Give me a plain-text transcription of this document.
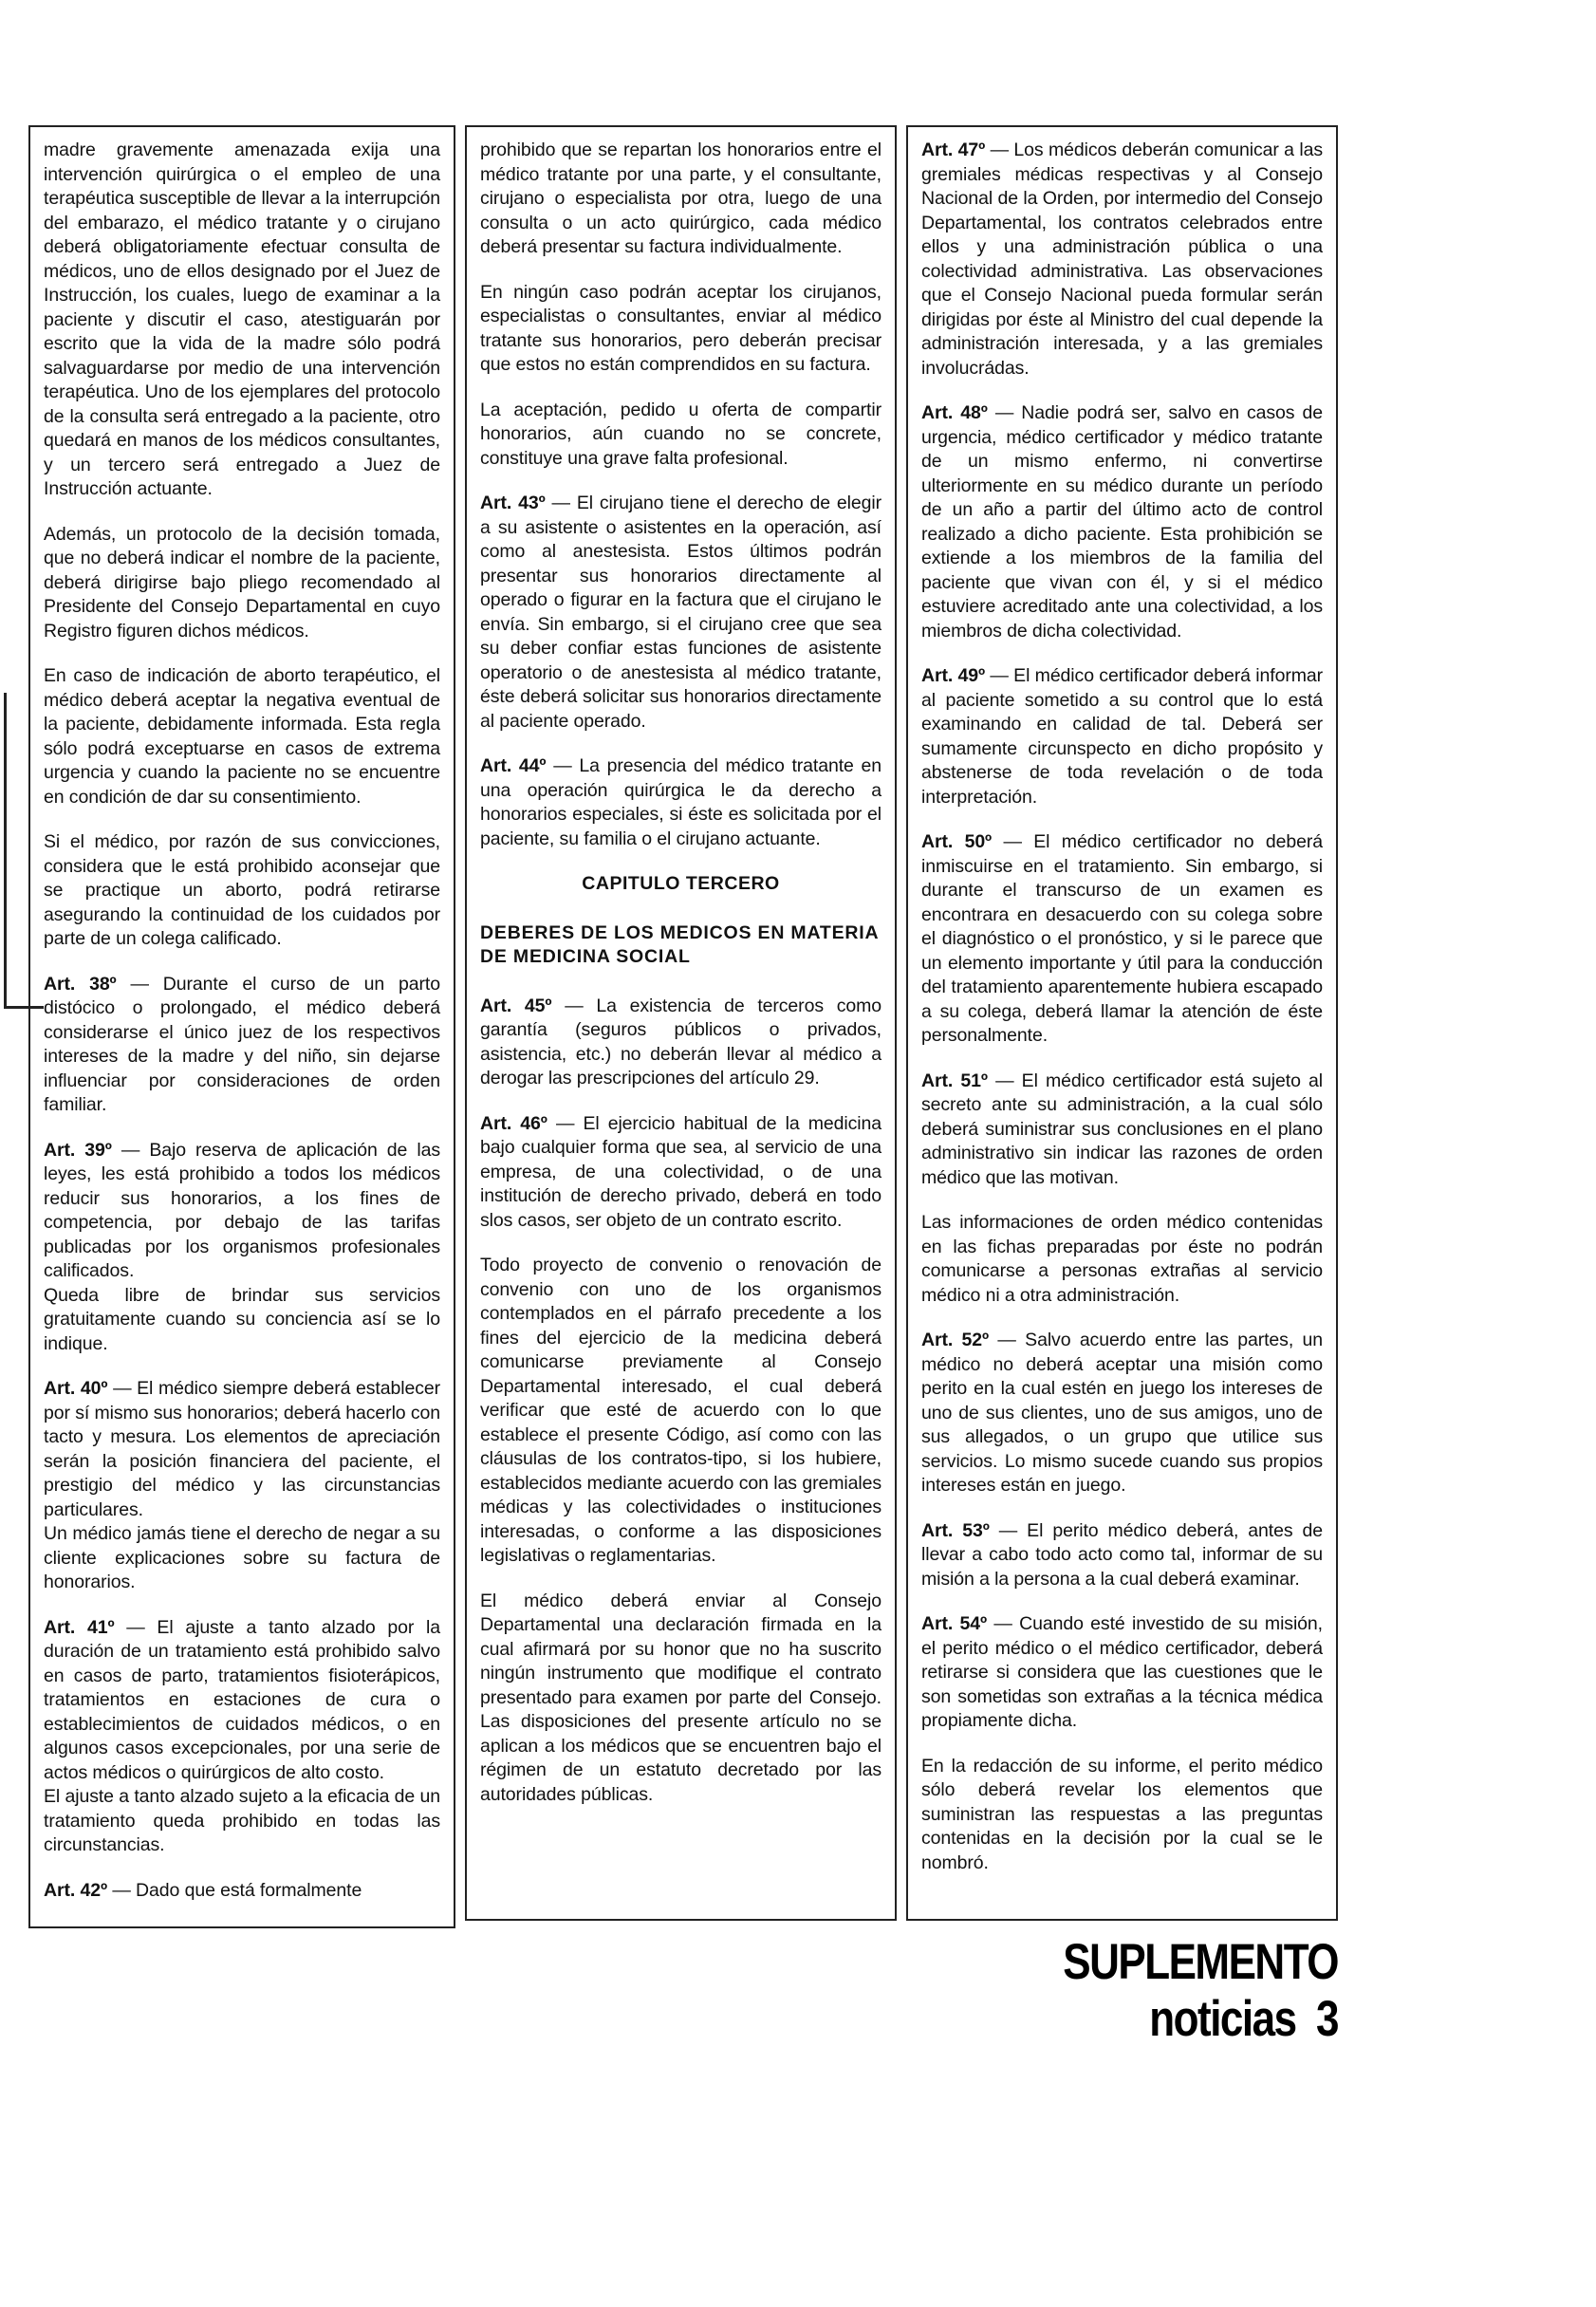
madre gravemente amenazada exija una intervención quirúrgica o el empleo de una terapéutica susceptible de llevar a la interrupción del embarazo, el médico tratante y o cirujano deberá obligatoriamente efectuar consulta de médicos, uno de ellos designado por el Juez de Instrucción, los cuales, luego de examinar a la paciente y discutir el caso, atestiguarán por escrito que la vida de la madre sólo podrá salvaguardarse por medio de una intervención terapéutica. Uno de los ejemplares del protocolo de la consulta será entregado a la paciente, otro quedará en manos de los médicos consultantes, y un tercero será entregado a Juez de Instrucción actuante.

Además, un protocolo de la decisión tomada, que no deberá indicar el nombre de la paciente, deberá dirigirse bajo pliego recomendado al Presidente del Consejo Departamental en cuyo Registro figuren dichos médicos.

En caso de indicación de aborto terapéutico, el médico deberá aceptar la negativa eventual de la paciente, debidamente informada. Esta regla sólo podrá exceptuarse en casos de extrema urgencia y cuando la paciente no se encuentre en condición de dar su consentimiento.

Si el médico, por razón de sus convicciones, considera que le está prohibido aconsejar que se practique un aborto, podrá retirarse asegurando la continuidad de los cuidados por parte de un colega calificado.

Art. 38º — Durante el curso de un parto distócico o prolongado, el médico deberá considerarse el único juez de los respectivos intereses de la madre y del niño, sin dejarse influenciar por consideraciones de orden familiar.

Art. 39º — Bajo reserva de aplicación de las leyes, les está prohibido a todos los médicos reducir sus honorarios, a los fines de competencia, por debajo de las tarifas publicadas por los organismos profesionales calificados.

Queda libre de brindar sus servicios gratuitamente cuando su conciencia así se lo indique.

Art. 40º — El médico siempre deberá establecer por sí mismo sus honorarios; deberá hacerlo con tacto y mesura. Los elementos de apreciación serán la posición financiera del paciente, el prestigio del médico y las circunstancias particulares.

Un médico jamás tiene el derecho de negar a su cliente explicaciones sobre su factura de honorarios.

Art. 41º — El ajuste a tanto alzado por la duración de un tratamiento está prohibido salvo en casos de parto, tratamientos fisioterápicos, tratamientos en estaciones de cura o establecimientos de cuidados médicos, o en algunos casos excepcionales, por una serie de actos médicos o quirúrgicos de alto costo.

El ajuste a tanto alzado sujeto a la eficacia de un tratamiento queda prohibido en todas las circunstancias.

Art. 42º — Dado que está formalmente

prohibido que se repartan los honorarios entre el médico tratante por una parte, y el consultante, cirujano o especialista por otra, luego de una consulta o un acto quirúrgico, cada médico deberá presentar su factura individualmente.

En ningún caso podrán aceptar los cirujanos, especialistas o consultantes, enviar al médico tratante sus honorarios, pero deberán precisar que estos no están comprendidos en su factura.

La aceptación, pedido u oferta de compartir honorarios, aún cuando no se concrete, constituye una grave falta profesional.

Art. 43º — El cirujano tiene el derecho de elegir a su asistente o asistentes en la operación, así como al anestesista. Estos últimos podrán presentar sus honorarios directamente al operado o figurar en la factura que el cirujano le envía. Sin embargo, si el cirujano cree que sea su deber confiar estas funciones de asistente operatorio o de anestesista al médico tratante, éste deberá solicitar sus honorarios directamente al paciente operado.

Art. 44º — La presencia del médico tratante en una operación quirúrgica le da derecho a honorarios especiales, si éste es solicitada por el paciente, su familia o el cirujano actuante.

CAPITULO TERCERO
DEBERES DE LOS MEDICOS EN MATERIA DE MEDICINA SOCIAL

Art. 45º — La existencia de terceros como garantía (seguros públicos o privados, asistencia, etc.) no deberán llevar al médico a derogar las prescripciones del artículo 29.

Art. 46º — El ejercicio habitual de la medicina bajo cualquier forma que sea, al servicio de una empresa, de una colectividad, o de una institución de derecho privado, deberá en todo slos casos, ser objeto de un contrato escrito.

Todo proyecto de convenio o renovación de convenio con uno de los organismos contemplados en el párrafo precedente a los fines del ejercicio de la medicina deberá comunicarse previamente al Consejo Departamental interesado, el cual deberá verificar que esté de acuerdo con lo que establece el presente Código, así como con las cláusulas de los contratos-tipo, si los hubiere, establecidos mediante acuerdo con las gremiales médicas y las colectividades o instituciones interesadas, o conforme a las disposiciones legislativas o reglamentarias.

El médico deberá enviar al Consejo Departamental una declaración firmada en la cual afirmará por su honor que no ha suscrito ningún instrumento que modifique el contrato presentado para examen por parte del Consejo. Las disposiciones del presente artículo no se aplican a los médicos que se encuentren bajo el régimen de un estatuto decretado por las autoridades públicas.

Art. 47º — Los médicos deberán comunicar a las gremiales médicas respectivas y al Consejo Nacional de la Orden, por intermedio del Consejo Departamental, los contratos celebrados entre ellos y una administración pública o una colectividad administrativa. Las observaciones que el Consejo Nacional pueda formular serán dirigidas por éste al Ministro del cual depende la administración interesada, y a las gremiales involucrádas.

Art. 48º — Nadie podrá ser, salvo en casos de urgencia, médico certificador y médico tratante de un mismo enfermo, ni convertirse ulteriormente en su médico durante un período de un año a partir del último acto de control realizado a dicho paciente. Esta prohibición se extiende a los miembros de la familia del paciente que vivan con él, y si el médico estuviere acreditado ante una colectividad, a los miembros de dicha colectividad.

Art. 49º — El médico certificador deberá informar al paciente sometido a su control que lo está examinando en calidad de tal. Deberá ser sumamente circunspecto en dicho propósito y abstenerse de toda revelación o de toda interpretación.

Art. 50º — El médico certificador no deberá inmiscuirse en el tratamiento. Sin embargo, si durante el transcurso de un examen es encontrara en desacuerdo con su colega sobre el diagnóstico o el pronóstico, y si le parece que un elemento importante y útil para la conducción del tratamiento aparentemente hubiera escapado a su colega, deberá llamar la atención de éste personalmente.

Art. 51º — El médico certificador está sujeto al secreto ante su administración, a la cual sólo deberá suministrar sus conclusiones en el plano administrativo sin indicar las razones de orden médico que las motivan.

Las informaciones de orden médico contenidas en las fichas preparadas por éste no podrán comunicarse a personas extrañas al servicio médico ni a otra administración.

Art. 52º — Salvo acuerdo entre las partes, un médico no deberá aceptar una misión como perito en la cual estén en juego los intereses de uno de sus clientes, uno de sus amigos, uno de sus allegados, o un grupo que utilice sus servicios. Lo mismo sucede cuando sus propios intereses están en juego.

Art. 53º — El perito médico deberá, antes de llevar a cabo todo acto como tal, informar de su misión a la persona a la cual deberá examinar.

Art. 54º — Cuando esté investido de su misión, el perito médico o el médico certificador, deberá retirarse si considera que las cuestiones que le son sometidas son extrañas a la técnica médica propiamente dicha.

En la redacción de su informe, el perito médico sólo deberá revelar los elementos que suministran las respuestas a las preguntas contenidas en la decisión por la cual se le nombró.

SUPLEMENTO noticias 3
